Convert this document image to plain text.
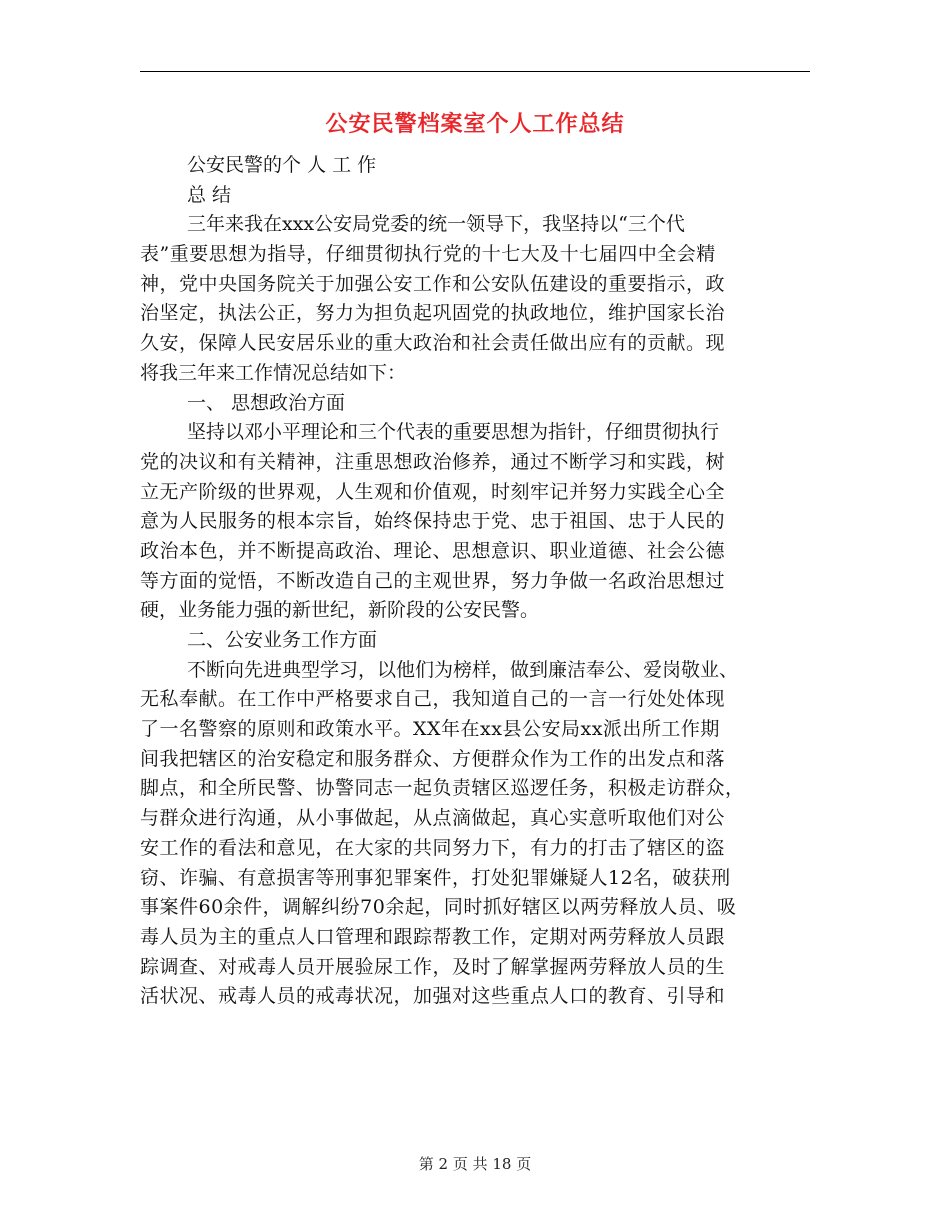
公安民警档案室个人工作总结
公安民警的个 人 工 作
总 结
三年来我在xxx公安局党委的统一领导下，我坚持以“三个代
表”重要思想为指导，仔细贯彻执行党的十七大及十七届四中全会精
神，党中央国务院关于加强公安工作和公安队伍建设的重要指示，政
治坚定，执法公正，努力为担负起巩固党的执政地位，维护国家长治
久安，保障人民安居乐业的重大政治和社会责任做出应有的贡献。现
将我三年来工作情况总结如下：
一、 思想政治方面
坚持以邓小平理论和三个代表的重要思想为指针，仔细贯彻执行
党的决议和有关精神，注重思想政治修养，通过不断学习和实践，树
立无产阶级的世界观，人生观和价值观，时刻牢记并努力实践全心全
意为人民服务的根本宗旨，始终保持忠于党、忠于祖国、忠于人民的
政治本色，并不断提高政治、理论、思想意识、职业道德、社会公德
等方面的觉悟，不断改造自己的主观世界，努力争做一名政治思想过
硬，业务能力强的新世纪，新阶段的公安民警。
二、公安业务工作方面
不断向先进典型学习，以他们为榜样，做到廉洁奉公、爱岗敬业、
无私奉献。在工作中严格要求自己，我知道自己的一言一行处处体现
了一名警察的原则和政策水平。XX年在xx县公安局xx派出所工作期
间我把辖区的治安稳定和服务群众、方便群众作为工作的出发点和落
脚点，和全所民警、协警同志一起负责辖区巡逻任务，积极走访群众，
与群众进行沟通，从小事做起，从点滴做起，真心实意听取他们对公
安工作的看法和意见，在大家的共同努力下，有力的打击了辖区的盗
窃、诈骗、有意损害等刑事犯罪案件，打处犯罪嫌疑人12名，破获刑
事案件60余件，调解纠纷70余起，同时抓好辖区以两劳释放人员、吸
毒人员为主的重点人口管理和跟踪帮教工作，定期对两劳释放人员跟
踪调查、对戒毒人员开展验尿工作，及时了解掌握两劳释放人员的生
活状况、戒毒人员的戒毒状况，加强对这些重点人口的教育、引导和
第 2 页 共 18 页
